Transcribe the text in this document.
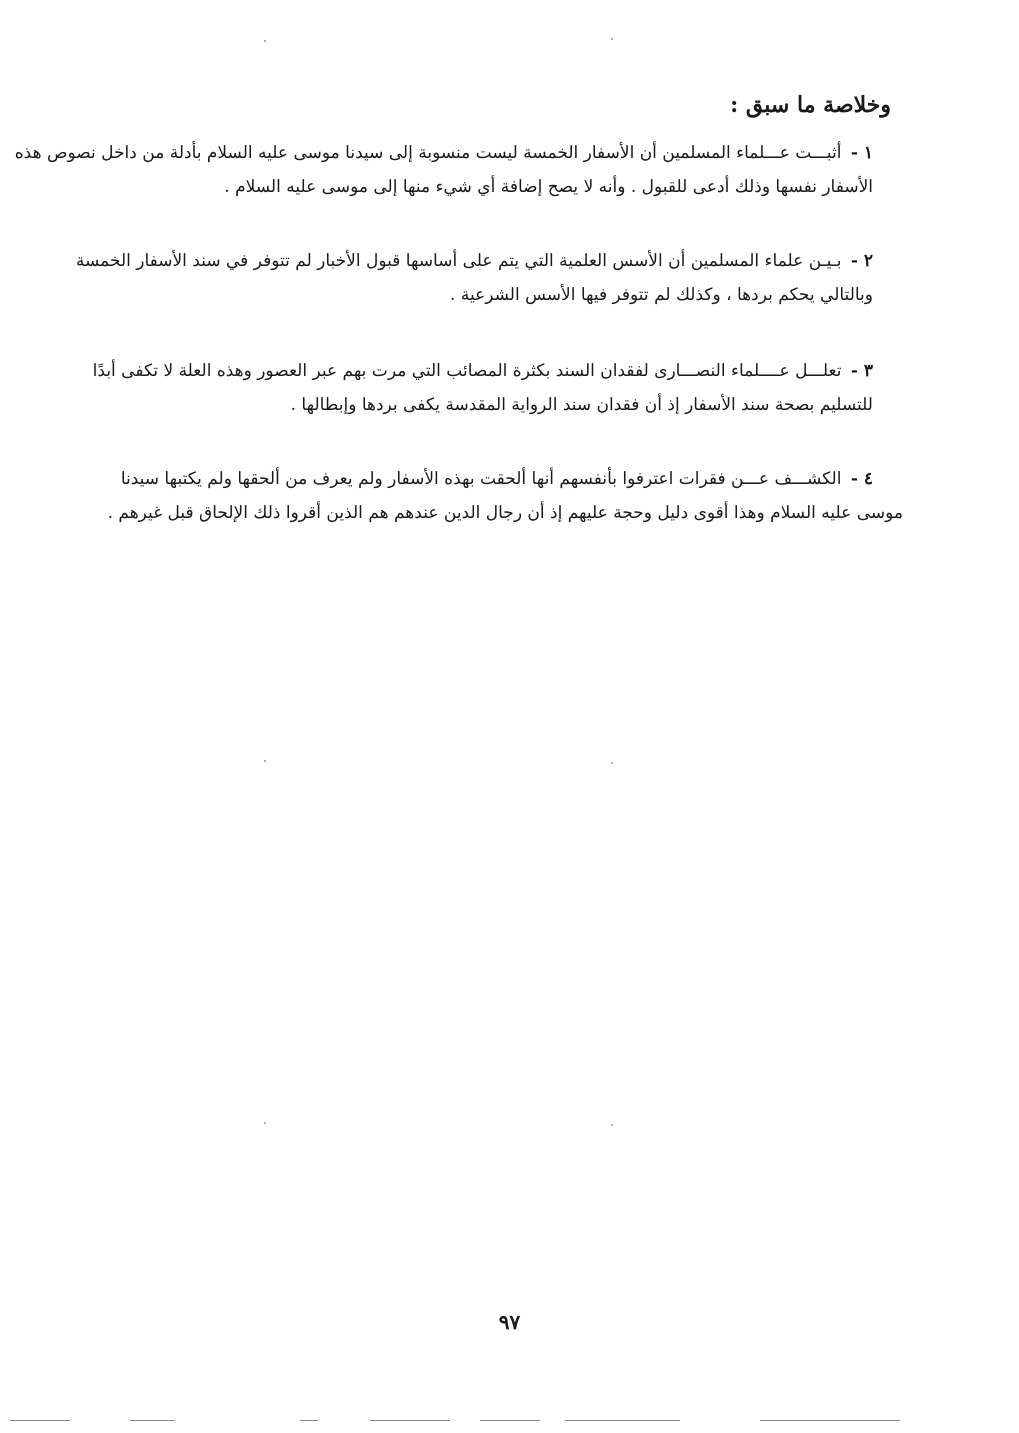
وخلاصة ما سبق :
١ - أثبـــت عـــلماء المسلمين أن الأسفار الخمسة ليست منسوبة إلى سيدنا موسى عليه السلام بأدلة من داخل نصوص هذه
الأسفار نفسها وذلك أدعى للقبول . وأنه لا يصح إضافة أي شيء منها إلى موسى عليه السلام .
٢ - بـيـن علماء المسلمين أن الأسس العلمية التي يتم على أساسها قبول الأخبار لم تتوفر في سند الأسفار الخمسة
وبالتالي يحكم بردها ، وكذلك لم تتوفر فيها الأسس الشرعية .
٣ - تعلـــل عــــلماء النصـــارى لفقدان السند بكثرة المصائب التي مرت بهم عبر العصور وهذه العلة لا تكفى أبدًا
للتسليم بصحة سند الأسفار إذ أن فقدان سند الرواية المقدسة يكفى بردها وإبطالها .
٤ - الكشـــف عـــن فقرات اعترفوا بأنفسهم أنها ألحقت بهذه الأسفار ولم يعرف من ألحقها ولم يكتبها سيدنا
موسى عليه السلام وهذا أقوى دليل وحجة عليهم إذ أن رجال الدين عندهم هم الذين أقروا ذلك الإلحاق قبل غيرهم .
٩٧
